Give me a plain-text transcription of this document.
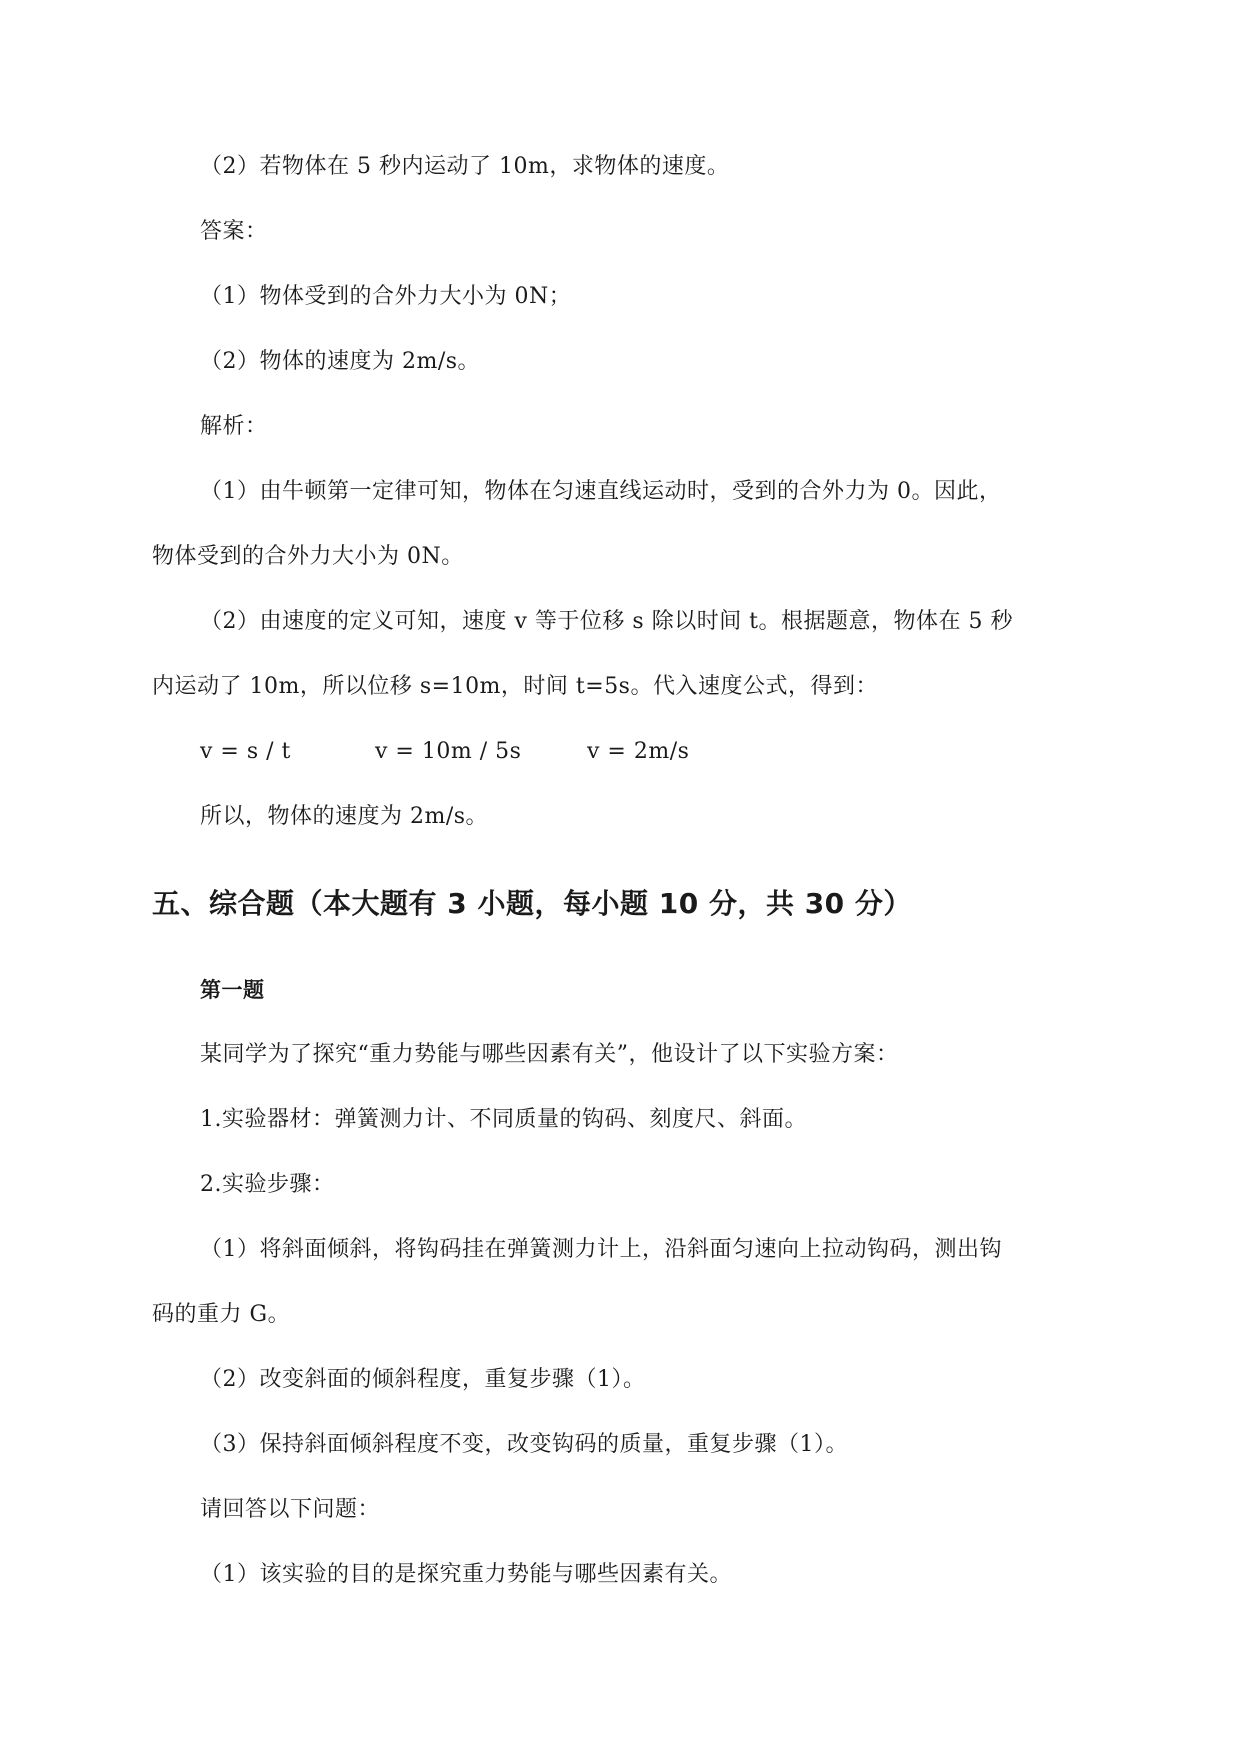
（2）若物体在 5 秒内运动了 10m，求物体的速度。
答案：
（1）物体受到的合外力大小为 0N；
（2）物体的速度为 2m/s。
解析：
（1）由牛顿第一定律可知，物体在匀速直线运动时，受到的合外力为 0。因此，
物体受到的合外力大小为 0N。
（2）由速度的定义可知，速度 v 等于位移 s 除以时间 t。根据题意，物体在 5 秒
内运动了 10m，所以位移 s=10m，时间 t=5s。代入速度公式，得到：
v = s / t	v = 10m / 5s	v = 2m/s
所以，物体的速度为 2m/s。
五、综合题（本大题有 3 小题，每小题 10 分，共 30 分）
第一题
某同学为了探究“重力势能与哪些因素有关”，他设计了以下实验方案：
1.实验器材：弹簧测力计、不同质量的钩码、刻度尺、斜面。
2.实验步骤：
（1）将斜面倾斜，将钩码挂在弹簧测力计上，沿斜面匀速向上拉动钩码，测出钩
码的重力 G。
（2）改变斜面的倾斜程度，重复步骤（1）。
（3）保持斜面倾斜程度不变，改变钩码的质量，重复步骤（1）。
请回答以下问题：
（1）该实验的目的是探究重力势能与哪些因素有关。
